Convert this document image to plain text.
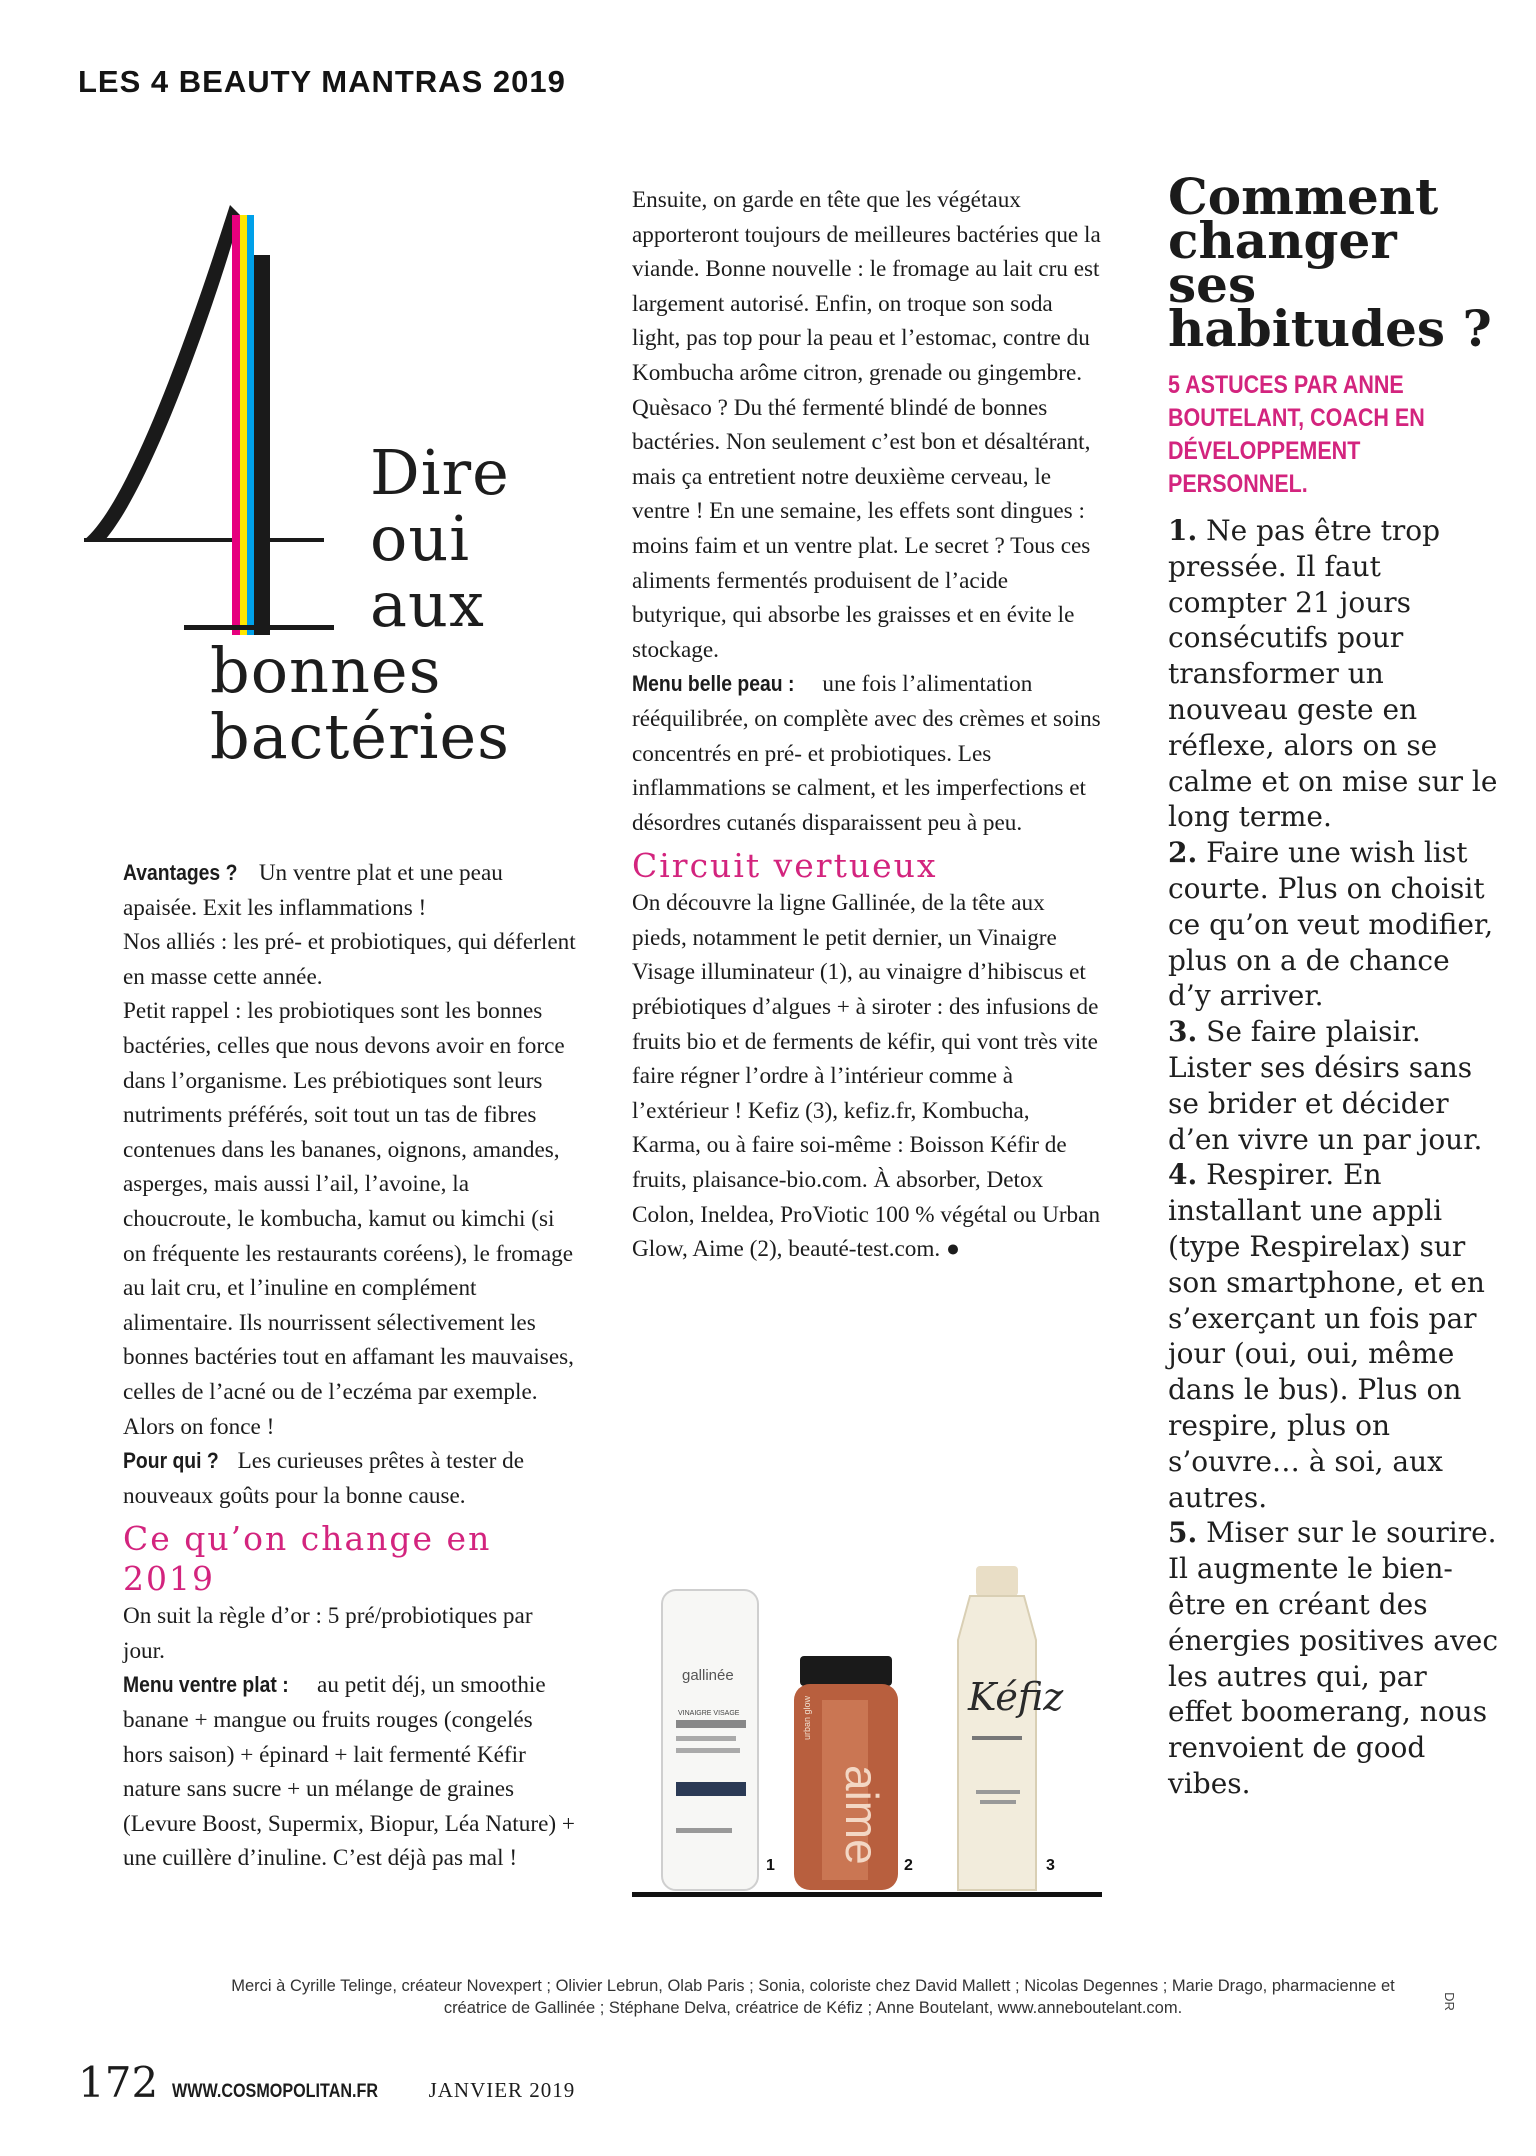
LES 4 BEAUTY MANTRAS 2019
Dire
oui
aux
bonnes
bactéries

Avantages ? Un ventre plat et une peau apaisée. Exit les inflammations !

Nos alliés : les pré- et probiotiques, qui déferlent en masse cette année.

Petit rappel : les probiotiques sont les bonnes bactéries, celles que nous devons avoir en force dans l’organisme. Les prébiotiques sont leurs nutriments préférés, soit tout un tas de fibres contenues dans les bananes, oignons, amandes, asperges, mais aussi l’ail, l’avoine, la choucroute, le kombucha, kamut ou kimchi (si on fréquente les restaurants coréens), le fromage au lait cru, et l’inuline en complément alimentaire. Ils nourrissent sélectivement les bonnes bactéries tout en affamant les mauvaises, celles de l’acné ou de l’eczéma par exemple. Alors on fonce !

Pour qui ? Les curieuses prêtes à tester de nouveaux goûts pour la bonne cause.

Ce qu’on change en 2019

On suit la règle d’or : 5 pré/probiotiques par jour.

Menu ventre plat : au petit déj, un smoothie banane + mangue ou fruits rouges (congelés hors saison) + épinard + lait fermenté Kéfir nature sans sucre + un mélange de graines (Levure Boost, Supermix, Biopur, Léa Nature) + une cuillère d’inuline. C’est déjà pas mal !

Ensuite, on garde en tête que les végétaux apporteront toujours de meilleures bactéries que la viande. Bonne nouvelle : le fromage au lait cru est largement autorisé. Enfin, on troque son soda light, pas top pour la peau et l’estomac, contre du Kombucha arôme citron, grenade ou gingembre. Quèsaco ? Du thé fermenté blindé de bonnes bactéries. Non seulement c’est bon et désaltérant, mais ça entretient notre deuxième cerveau, le ventre ! En une semaine, les effets sont dingues : moins faim et un ventre plat. Le secret ? Tous ces aliments fermentés produisent de l’acide butyrique, qui absorbe les graisses et en évite le stockage.

Menu belle peau : une fois l’alimentation rééquilibrée, on complète avec des crèmes et soins concentrés en pré- et probiotiques. Les inflammations se calment, et les imperfections et désordres cutanés disparaissent peu à peu.

Circuit vertueux

On découvre la ligne Gallinée, de la tête aux pieds, notamment le petit dernier, un Vinaigre Visage illuminateur (1), au vinaigre d’hibiscus et prébiotiques d’algues + à siroter : des infusions de fruits bio et de ferments de kéfir, qui vont très vite faire régner l’ordre à l’intérieur comme à l’extérieur ! Kefiz (3), kefiz.fr, Kombucha, Karma, ou à faire soi-même : Boisson Kéfir de fruits, plaisance-bio.com. À absorber, Detox Colon, Ineldea, ProViotic 100 % végétal ou Urban Glow, Aime (2), beauté-test.com. ●

Comment changer ses habitudes ?
5 ASTUCES PAR ANNE BOUTELANT, COACH EN DÉVELOPPEMENT PERSONNEL.
1. Ne pas être trop pressée. Il faut compter 21 jours consécutifs pour transformer un nouveau geste en réflexe, alors on se calme et on mise sur le long terme.
2. Faire une wish list courte. Plus on choisit ce qu’on veut modifier, plus on a de chance d’y arriver.
3. Se faire plaisir. Lister ses désirs sans se brider et décider d’en vivre un par jour.
4. Respirer. En installant une appli (type Respirelax) sur son smartphone, et en s’exerçant un fois par jour (oui, oui, même dans le bus). Plus on respire, plus on s’ouvre… à soi, aux autres.
5. Miser sur le sourire. Il augmente le bien-être en créant des énergies positives avec les autres qui, par effet boomerang, nous renvoient de good vibes.
gallinée
VINAIGRE VISAGE
aime
urban glow	Kéfiz
1	2	3
Merci à Cyrille Telinge, créateur Novexpert ; Olivier Lebrun, Olab Paris ; Sonia, coloriste chez David Mallett ; Nicolas Degennes ; Marie Drago, pharmacienne et créatrice de Gallinée ; Stéphane Delva, créatrice de Kéfiz ; Anne Boutelant, www.anneboutelant.com.	DR
172 WWW.COSMOPOLITAN.FR JANVIER 2019
